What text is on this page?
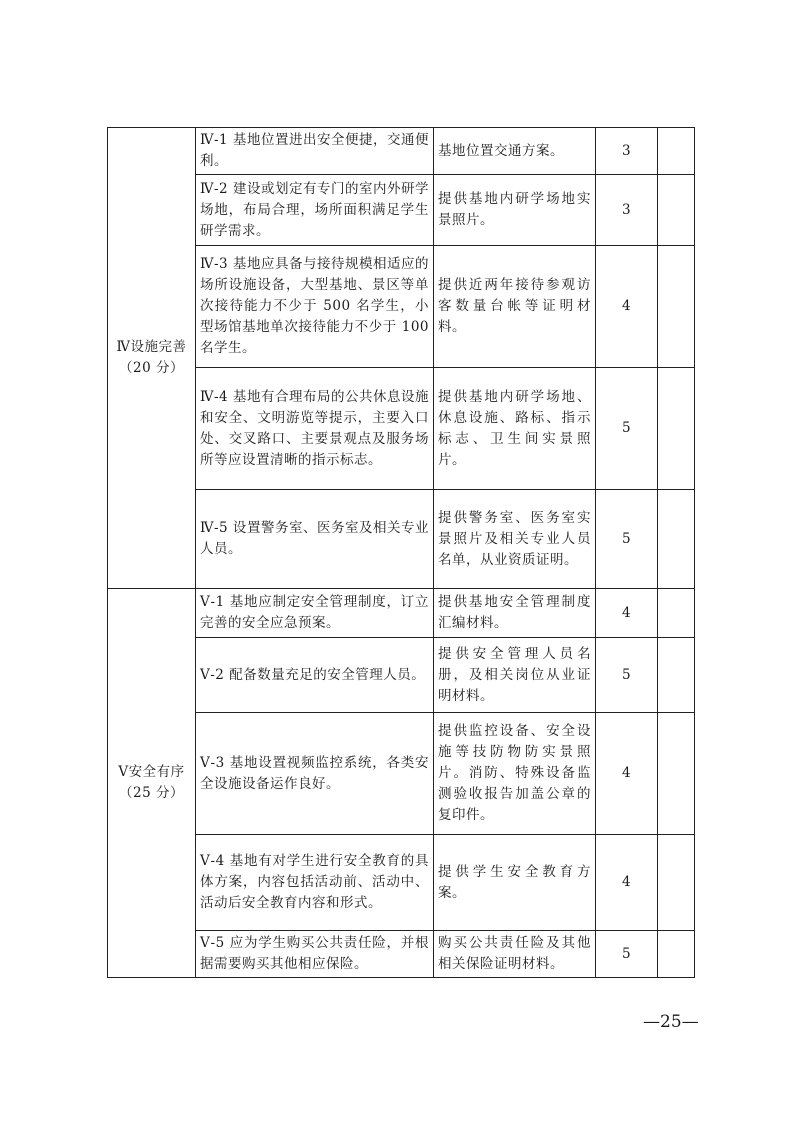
Ⅳ设施完善
（20 分）	Ⅳ-1 基地位置进出安全便捷，交通便利。	基地位置交通方案。	3	
	Ⅳ-2 建设或划定有专门的室内外研学场地，布局合理，场所面积满足学生研学需求。	提供基地内研学场地实景照片。	3	
	Ⅳ-3 基地应具备与接待规模相适应的场所设施设备，大型基地、景区等单次接待能力不少于 500 名学生，小型场馆基地单次接待能力不少于 100 名学生。	提供近两年接待参观访客数量台帐等证明材料。	4	
	Ⅳ-4 基地有合理布局的公共休息设施和安全、文明游览等提示，主要入口处、交叉路口、主要景观点及服务场所等应设置清晰的指示标志。	提供基地内研学场地、休息设施、路标、指示标志、卫生间实景照片。	5	
	Ⅳ-5 设置警务室、医务室及相关专业人员。	提供警务室、医务室实景照片及相关专业人员名单，从业资质证明。	5	
Ⅴ安全有序
（25 分）	Ⅴ-1 基地应制定安全管理制度，订立完善的安全应急预案。	提供基地安全管理制度汇编材料。	4	
	Ⅴ-2 配备数量充足的安全管理人员。	提供安全管理人员名册，及相关岗位从业证明材料。	5	
	Ⅴ-3 基地设置视频监控系统，各类安全设施设备运作良好。	提供监控设备、安全设施等技防物防实景照片。消防、特殊设备监测验收报告加盖公章的复印件。	4	
	Ⅴ-4 基地有对学生进行安全教育的具体方案，内容包括活动前、活动中、活动后安全教育内容和形式。	提供学生安全教育方案。	4	
	Ⅴ-5 应为学生购买公共责任险，并根据需要购买其他相应保险。	购买公共责任险及其他相关保险证明材料。	5	
—25—
